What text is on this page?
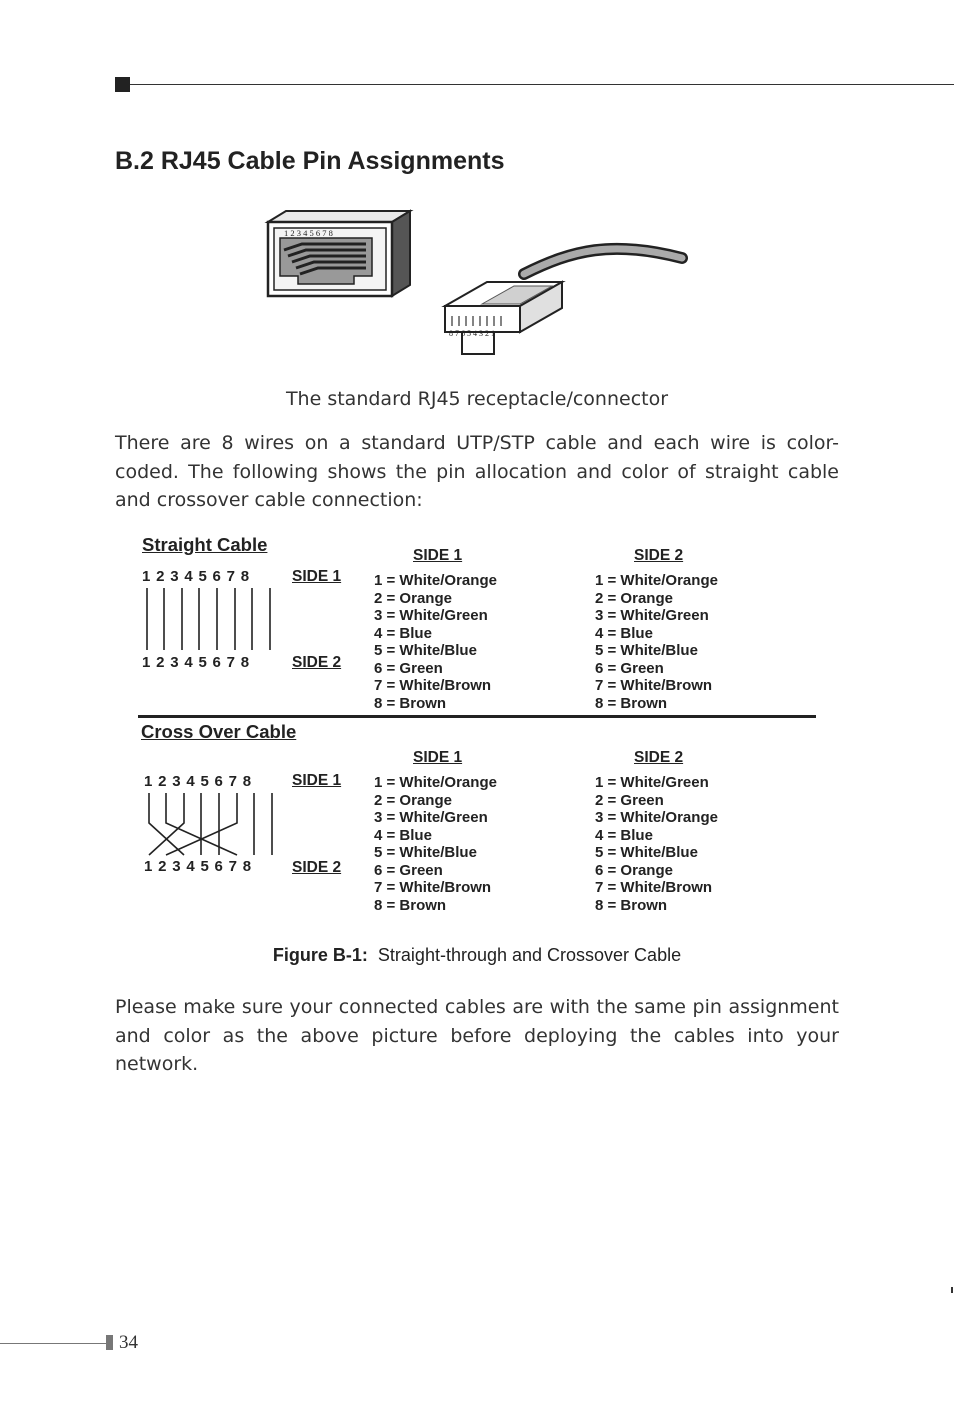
B.2 RJ45 Cable Pin Assignments
1 2 3 4 5 6 7 8
8 7 6 5 4 3 2 1
The standard RJ45 receptacle/connector
There are 8 wires on a standard UTP/STP cable and each wire is color-coded. The following shows the pin allocation and color of straight cable and crossover cable connection:
Straight Cable
SIDE 1	SIDE 2
1 2 3 4 5 6 7 8
1 2 3 4 5 6 7 8
SIDE 1
SIDE 2
1 = White/Orange
2 = Orange
3 = White/Green
4 = Blue
5 = White/Blue
6 = Green
7 = White/Brown
8 = Brown
1 = White/Orange
2 = Orange
3 = White/Green
4 = Blue
5 = White/Blue
6 = Green
7 = White/Brown
8 = Brown
Cross Over Cable
SIDE 1	SIDE 2
1 2 3 4 5 6 7 8
1 2 3 4 5 6 7 8
SIDE 1
SIDE 2
1 = White/Orange
2 = Orange
3 = White/Green
4 = Blue
5 = White/Blue
6 = Green
7 = White/Brown
8 = Brown
1 = White/Green
2 = Green
3 = White/Orange
4 = Blue
5 = White/Blue
6 = Orange
7 = White/Brown
8 = Brown
Figure B-1: Straight-through and Crossover Cable
Please make sure your connected cables are with the same pin assignment and color as the above picture before deploying the cables into your network.
34
